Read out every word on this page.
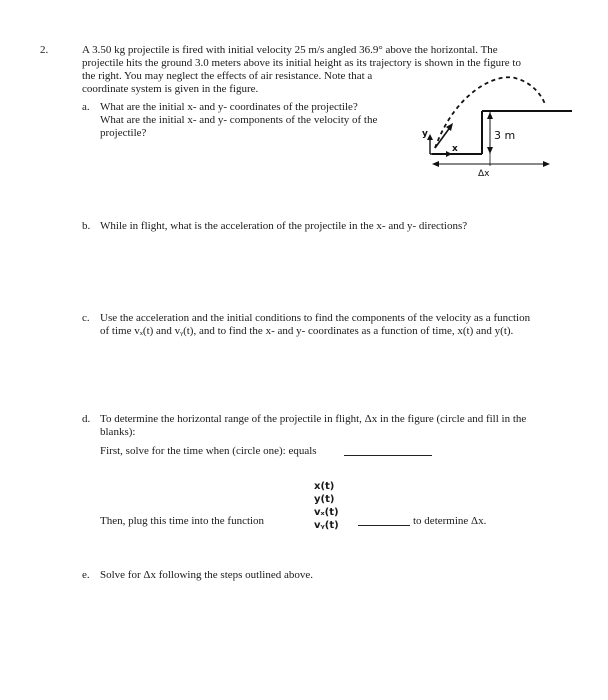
2.	A 3.50 kg projectile is fired with initial velocity 25 m/s angled 36.9° above the horizontal. The
projectile hits the ground 3.0 meters above its initial height as its trajectory is shown in the figure to
the right. You may neglect the effects of air resistance. Note that a
coordinate system is given in the figure.
a. What are the initial x- and y- coordinates of the projectile?
What are the initial x- and y- components of the velocity of the
projectile?	3 m
y
x
Δx
b. While in flight, what is the acceleration of the projectile in the x- and y- directions?
c. Use the acceleration and the initial conditions to find the components of the velocity as a function
of time vₓ(t) and vᵧ(t), and to find the x- and y- coordinates as a function of time, x(t) and y(t).
d. To determine the horizontal range of the projectile in flight, Δx in the figure (circle and fill in the
blanks):
First, solve for the time when (circle one): equals
x(t)
y(t)
vₓ(t)
vᵧ(t)
Then, plug this time into the function	to determine Δx.
e. Solve for Δx following the steps outlined above.
